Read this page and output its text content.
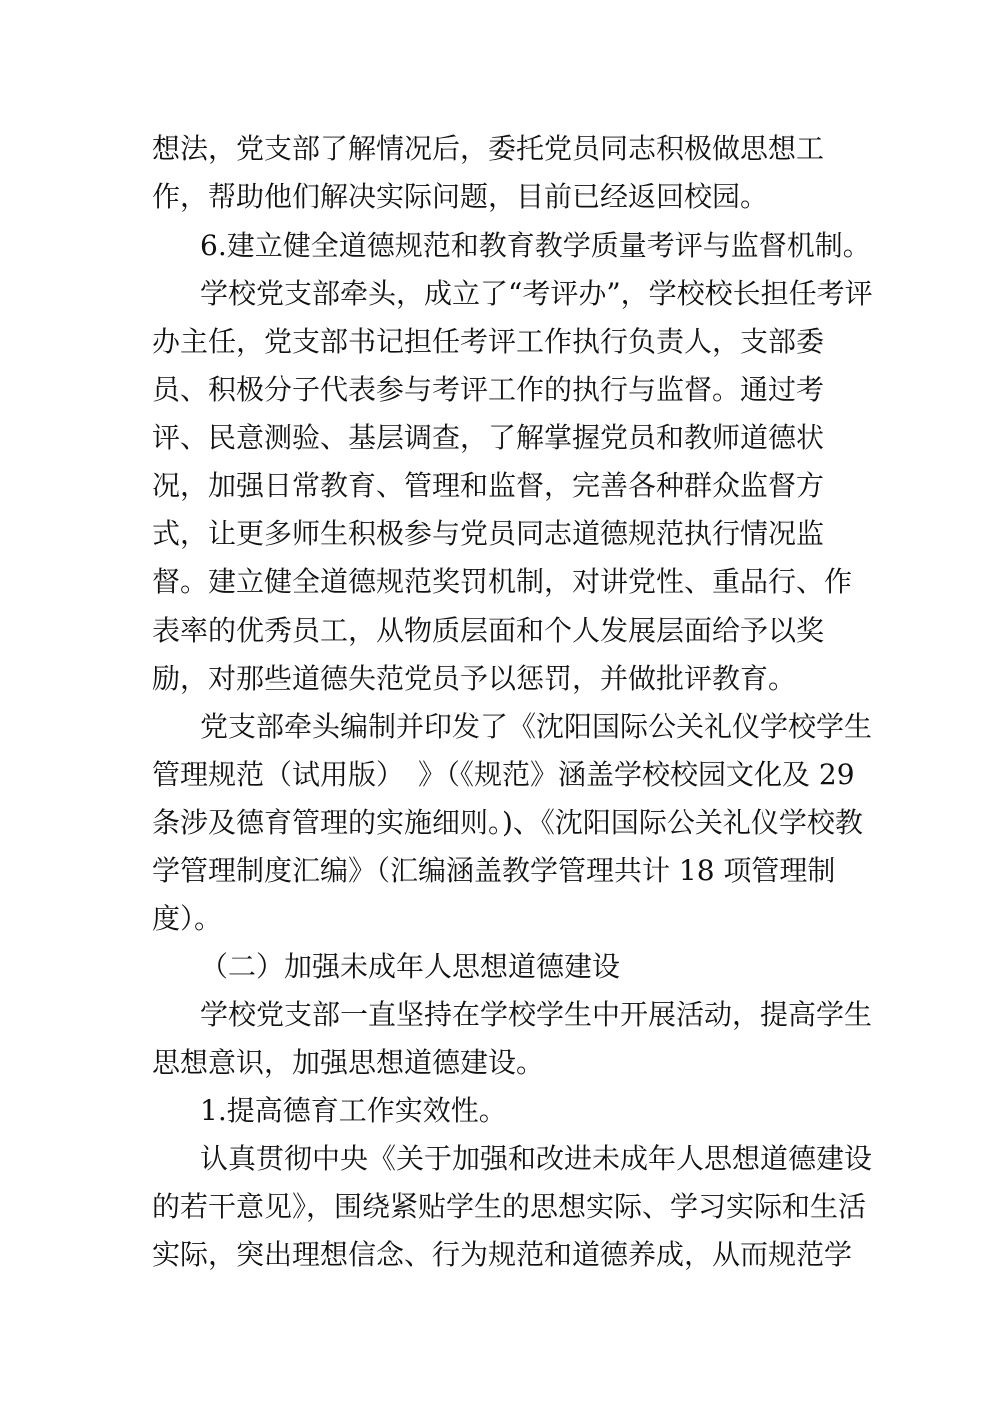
想法，党支部了解情况后，委托党员同志积极做思想工

作，帮助他们解决实际问题，目前已经返回校园。

6.建立健全道德规范和教育教学质量考评与监督机制。

学校党支部牵头，成立了“考评办”，学校校长担任考评

办主任，党支部书记担任考评工作执行负责人，支部委

员、积极分子代表参与考评工作的执行与监督。通过考

评、民意测验、基层调查，了解掌握党员和教师道德状

况，加强日常教育、管理和监督，完善各种群众监督方

式，让更多师生积极参与党员同志道德规范执行情况监

督。建立健全道德规范奖罚机制，对讲党性、重品行、作

表率的优秀员工，从物质层面和个人发展层面给予以奖

励，对那些道德失范党员予以惩罚，并做批评教育。

党支部牵头编制并印发了《沈阳国际公关礼仪学校学生

管理规范（试用版）　》（《规范》涵盖学校校园文化及 29

条涉及德育管理的实施细则。)、《沈阳国际公关礼仪学校教

学管理制度汇编》（汇编涵盖教学管理共计 18 项管理制

度）。

（二）加强未成年人思想道德建设

学校党支部一直坚持在学校学生中开展活动，提高学生

思想意识，加强思想道德建设。

1.提高德育工作实效性。

认真贯彻中央《关于加强和改进未成年人思想道德建设

的若干意见》，围绕紧贴学生的思想实际、学习实际和生活

实际，突出理想信念、行为规范和道德养成，从而规范学
